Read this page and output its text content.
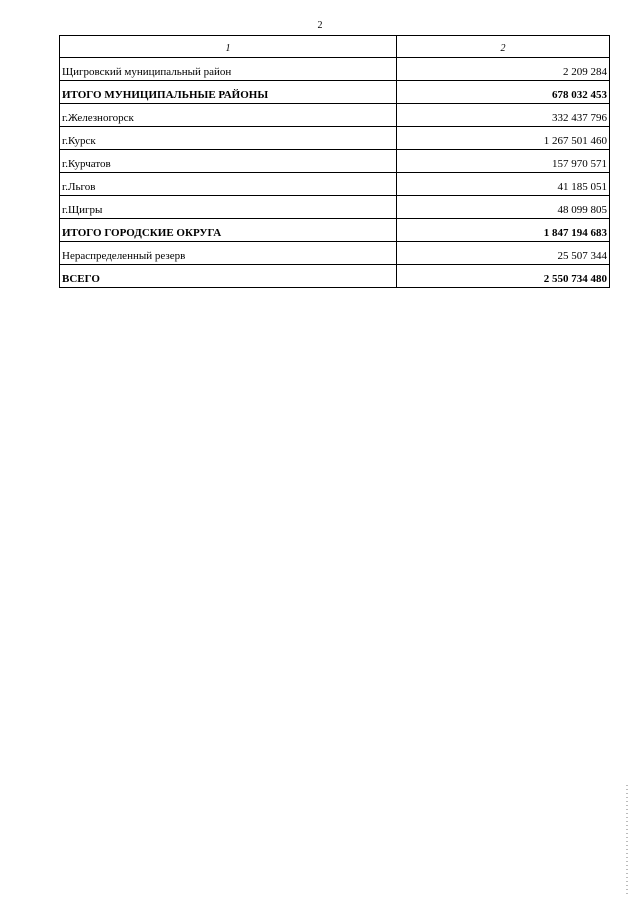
2
1	2
Щигровский муниципальный район	2 209 284
ИТОГО МУНИЦИПАЛЬНЫЕ РАЙОНЫ	678 032 453
г.Железногорск	332 437 796
г.Курск	1 267 501 460
г.Курчатов	157 970 571
г.Льгов	41 185 051
г.Щигры	48 099 805
ИТОГО ГОРОДСКИЕ ОКРУГА	1 847 194 683
Нераспределенный резерв	25 507 344
ВСЕГО	2 550 734 480
